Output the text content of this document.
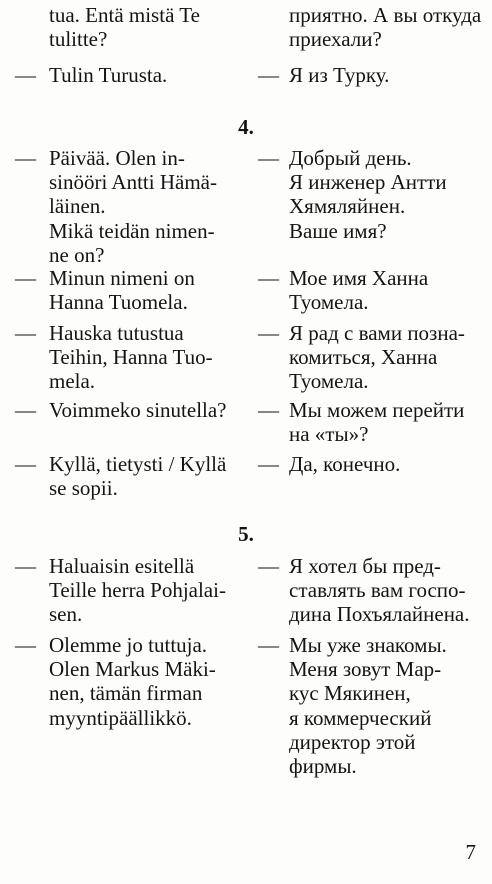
tua. Entä mistä Te
tulitte?
приятно. А вы откуда
приехали?
— Tulin Turusta.	— Я из Турку.
4.
— Päivää. Olen in-
sinööri Antti Hämä-
läinen.
Mikä teidän nimen-
ne on?
— Добрый день.
Я инженер Антти
Хямяляйнен.
Ваше имя?
— Minun nimeni on
Hanna Tuomela.
— Мое имя Ханна
Туомела.
— Hauska tutustua
Teihin, Hanna Tuo-
mela.
— Я рад с вами позна-
комиться, Ханна
Туомела.
— Voimmeko sinutella?	— Мы можем перейти
на «ты»?
— Kyllä, tietysti / Kyllä
se sopii.
— Да, конечно.
5.
— Haluaisin esitellä
Teille herra Pohjalai-
sen.
— Я хотел бы пред-
ставлять вам госпо-
дина Похъялайнена.
— Olemme jo tuttuja.
Olen Markus Mäki-
nen, tämän firman
myyntipäällikkö.
— Мы уже знакомы.
Меня зовут Мар-
кус Мякинен,
я коммерческий
директор этой
фирмы.
7
